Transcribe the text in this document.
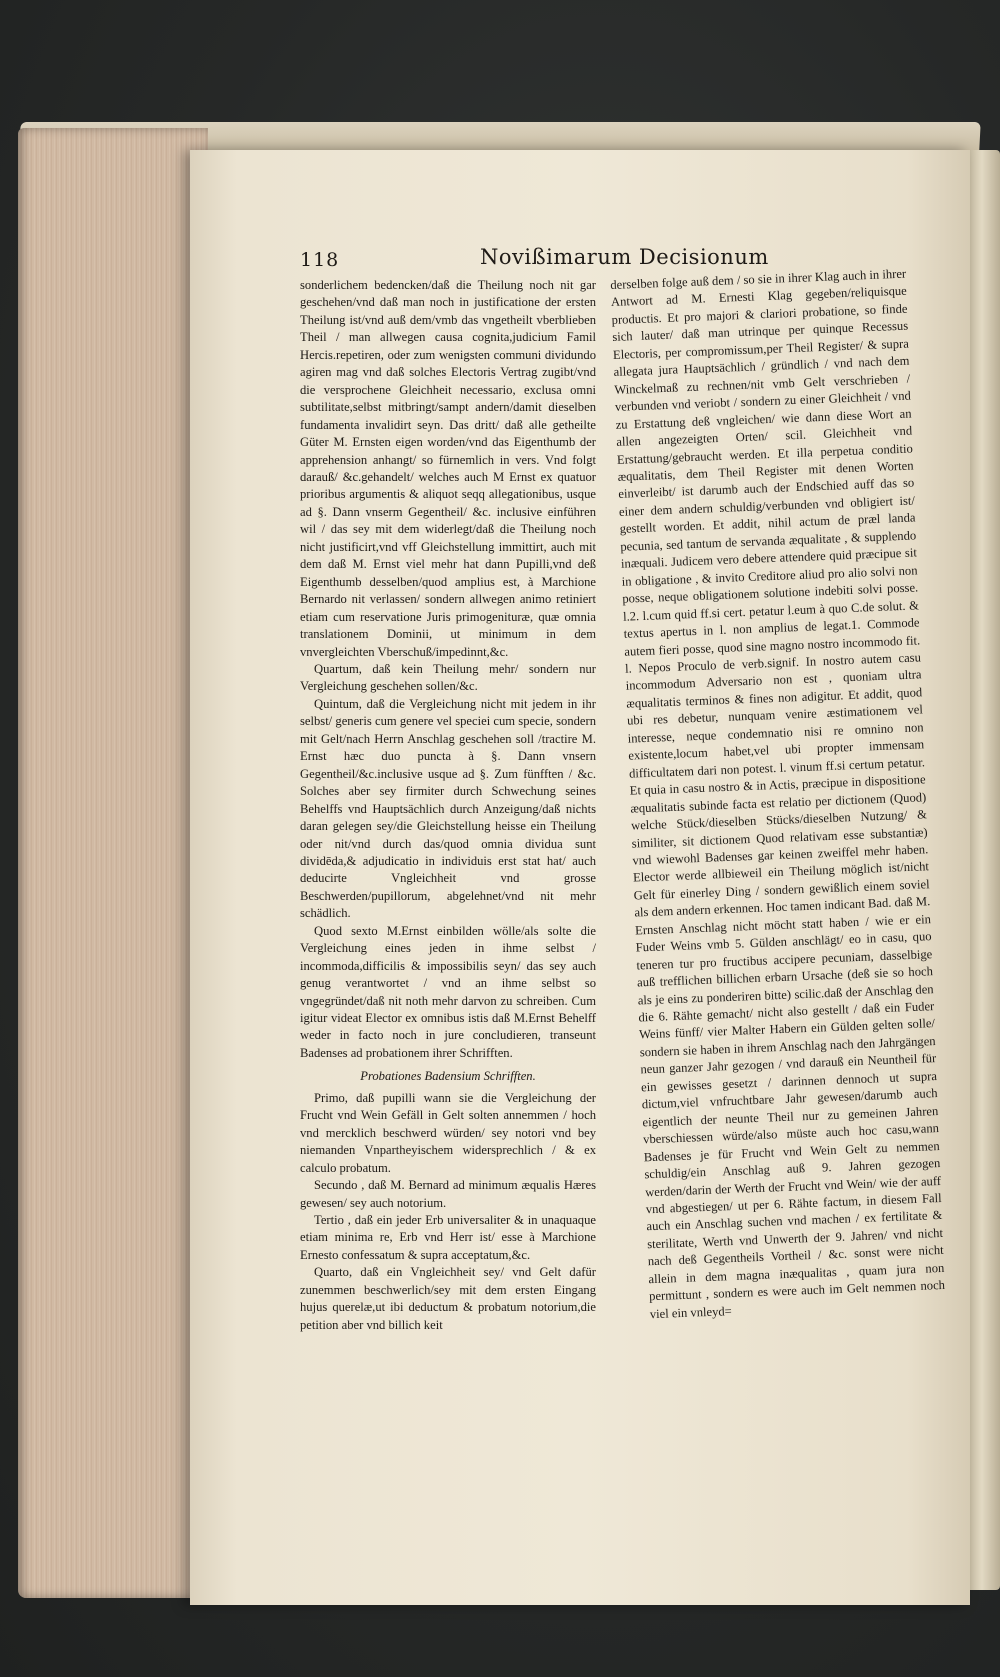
118	Novißimarum Decisionum

sonderlichem bedencken/daß die Theilung noch nit gar geschehen/vnd daß man noch in justificatione der ersten Theilung ist/vnd auß dem/vmb das vngetheilt vberblieben Theil / man allwegen causa cognita,judicium Famil Hercis.repetiren, oder zum wenigsten communi dividundo agiren mag vnd daß solches Electoris Vertrag zugibt/vnd die versprochene Gleichheit necessario, exclusa omni subtilitate,selbst mitbringt/sampt andern/damit dieselben fundamenta invalidirt seyn. Das dritt/ daß alle getheilte Güter M. Ernsten eigen worden/vnd das Eigenthumb der apprehension anhangt/ so fürnemlich in vers. Vnd folgt darauß/ &c.gehandelt/ welches auch M Ernst ex quatuor prioribus argumentis & aliquot seqq allegationibus, usque ad §. Dann vnserm Gegentheil/ &c. inclusive einführen wil / das sey mit dem widerlegt/daß die Theilung noch nicht justificirt,vnd vff Gleichstellung immittirt, auch mit dem daß M. Ernst viel mehr hat dann Pupilli,vnd deß Eigenthumb desselben/quod amplius est, à Marchione Bernardo nit verlassen/ sondern allwegen animo retiniert etiam cum reservatione Juris primogenituræ, quæ omnia translationem Dominii, ut minimum in dem vnvergleichten Vberschuß/impedinnt,&c.

Quartum, daß kein Theilung mehr/ sondern nur Vergleichung geschehen sollen/&c.

Quintum, daß die Vergleichung nicht mit jedem in ihr selbst/ generis cum genere vel speciei cum specie, sondern mit Gelt/nach Herrn Anschlag geschehen soll /tractire M. Ernst hæc duo puncta à §. Dann vnsern Gegentheil/&c.inclusive usque ad §. Zum fünfften / &c. Solches aber sey firmiter durch Schwechung seines Behelffs vnd Hauptsächlich durch Anzeigung/daß nichts daran gelegen sey/die Gleichstellung heisse ein Theilung oder nit/vnd durch das/quod omnia dividua sunt dividēda,& adjudicatio in individuis erst stat hat/ auch deducirte Vngleichheit vnd grosse Beschwerden/pupillorum, abgelehnet/vnd nit mehr schädlich.

Quod sexto M.Ernst einbilden wölle/als solte die Vergleichung eines jeden in ihme selbst / incommoda,difficilis & impossibilis seyn/ das sey auch genug verantwortet / vnd an ihme selbst so vngegründet/daß nit noth mehr darvon zu schreiben. Cum igitur videat Elector ex omnibus istis daß M.Ernst Behelff weder in facto noch in jure concludieren, transeunt Badenses ad probationem ihrer Schrifften.

Probationes Badensium Schrifften.

Primo, daß pupilli wann sie die Vergleichung der Frucht vnd Wein Gefäll in Gelt solten annemmen / hoch vnd mercklich beschwerd würden/ sey notori vnd bey niemanden Vnpartheyischem widersprechlich / & ex calculo probatum.

Secundo , daß M. Bernard ad minimum æqualis Hæres gewesen/ sey auch notorium.

Tertio , daß ein jeder Erb universaliter & in unaquaque etiam minima re, Erb vnd Herr ist/ esse à Marchione Ernesto confessatum & supra acceptatum,&c.

Quarto, daß ein Vngleichheit sey/ vnd Gelt dafür zunemmen beschwerlich/sey mit dem ersten Eingang hujus querelæ,ut ibi deductum & probatum notorium,die petition aber vnd billich keit

derselben folge auß dem / so sie in ihrer Klag auch in ihrer Antwort ad M. Ernesti Klag gegeben/reliquisque productis. Et pro majori & clariori probatione, so finde sich lauter/ daß man utrinque per quinque Recessus Electoris, per compromissum,per Theil Register/ & supra allegata jura Hauptsächlich / gründlich / vnd nach dem Winckelmaß zu rechnen/nit vmb Gelt verschrieben / verbunden vnd veriobt / sondern zu einer Gleichheit / vnd zu Erstattung deß vngleichen/ wie dann diese Wort an allen angezeigten Orten/ scil. Gleichheit vnd Erstattung/gebraucht werden. Et illa perpetua conditio æqualitatis, dem Theil Register mit denen Worten einverleibt/ ist darumb auch der Endschied auff das so einer dem andern schuldig/verbunden vnd obligiert ist/ gestellt worden. Et addit, nihil actum de præl landa pecunia, sed tantum de servanda æqualitate , & supplendo inæquali. Judicem vero debere attendere quid præcipue sit in obligatione , & invito Creditore aliud pro alio solvi non posse, neque obligationem solutione indebiti solvi posse. l.2. l.cum quid ff.si cert. petatur l.eum à quo C.de solut. & textus apertus in l. non amplius de legat.1. Commode autem fieri posse, quod sine magno nostro incommodo fit. l. Nepos Proculo de verb.signif. In nostro autem casu incommodum Adversario non est , quoniam ultra æqualitatis terminos & fines non adigitur. Et addit, quod ubi res debetur, nunquam venire æstimationem vel interesse, neque condemnatio nisi re omnino non existente,locum habet,vel ubi propter immensam difficultatem dari non potest. l. vinum ff.si certum petatur. Et quia in casu nostro & in Actis, præcipue in dispositione æqualitatis subinde facta est relatio per dictionem (Quod) welche Stück/dieselben Stücks/dieselben Nutzung/ & similiter, sit dictionem Quod relativam esse substantiæ) vnd wiewohl Badenses gar keinen zweiffel mehr haben. Elector werde allbieweil ein Theilung möglich ist/nicht Gelt für einerley Ding / sondern gewißlich einem soviel als dem andern erkennen. Hoc tamen indicant Bad. daß M. Ernsten Anschlag nicht möcht statt haben / wie er ein Fuder Weins vmb 5. Gülden anschlägt/ eo in casu, quo teneren tur pro fructibus accipere pecuniam, dasselbige auß trefflichen billichen erbarn Ursache (deß sie so hoch als je eins zu ponderiren bitte) scilic.daß der Anschlag den die 6. Rähte gemacht/ nicht also gestellt / daß ein Fuder Weins fünff/ vier Malter Habern ein Gülden gelten solle/ sondern sie haben in ihrem Anschlag nach den Jahrgängen neun ganzer Jahr gezogen / vnd darauß ein Neuntheil für ein gewisses gesetzt / darinnen dennoch ut supra dictum,viel vnfruchtbare Jahr gewesen/darumb auch eigentlich der neunte Theil nur zu gemeinen Jahren vberschiessen würde/also müste auch hoc casu,wann Badenses je für Frucht vnd Wein Gelt zu nemmen schuldig/ein Anschlag auß 9. Jahren gezogen werden/darin der Werth der Frucht vnd Wein/ wie der auff vnd abgestiegen/ ut per 6. Rähte factum, in diesem Fall auch ein Anschlag suchen vnd machen / ex fertilitate & sterilitate, Werth vnd Unwerth der 9. Jahren/ vnd nicht nach deß Gegentheils Vortheil / &c. sonst were nicht allein in dem magna inæqualitas , quam jura non permittunt , sondern es were auch im Gelt nemmen noch viel ein vnleyd=
